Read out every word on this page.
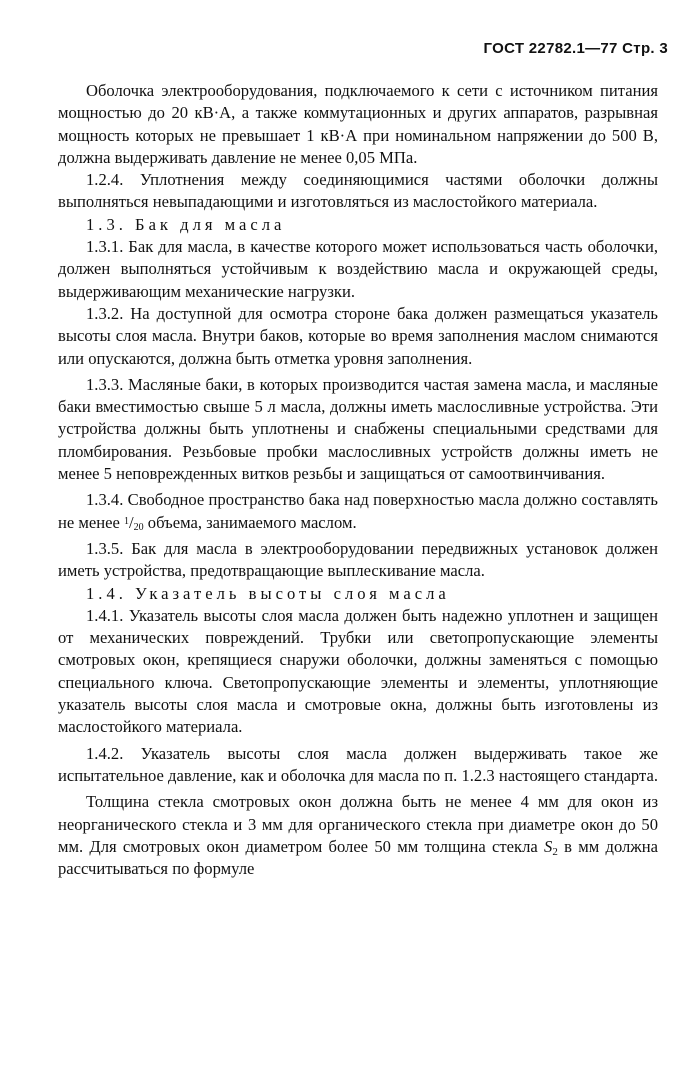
ГОСТ 22782.1—77 Стр. 3

Оболочка электрооборудования, подключаемого к сети с источником питания мощностью до 20 кВ·А, а также коммутационных и других аппаратов, разрывная мощность которых не превышает 1 кВ·А при номинальном напряжении до 500 В, должна выдерживать давление не менее 0,05 МПа.

1.2.4. Уплотнения между соединяющимися частями оболочки должны выполняться невыпадающими и изготовляться из маслостойкого материала.

1.3. Бак для масла

1.3.1. Бак для масла, в качестве которого может использоваться часть оболочки, должен выполняться устойчивым к воздействию масла и окружающей среды, выдерживающим механические нагрузки.

1.3.2. На доступной для осмотра стороне бака должен размещаться указатель высоты слоя масла. Внутри баков, которые во время заполнения маслом снимаются или опускаются, должна быть отметка уровня заполнения.

1.3.3. Масляные баки, в которых производится частая замена масла, и масляные баки вместимостью свыше 5 л масла, должны иметь маслосливные устройства. Эти устройства должны быть уплотнены и снабжены специальными средствами для пломбирования. Резьбовые пробки маслосливных устройств должны иметь не менее 5 неповрежденных витков резьбы и защищаться от самоотвинчивания.

1.3.4. Свободное пространство бака над поверхностью масла должно составлять не менее $^1/_{20}$ объема, занимаемого маслом.

1.3.5. Бак для масла в электрооборудовании передвижных установок должен иметь устройства, предотвращающие выплескивание масла.

1.4. Указатель высоты слоя масла

1.4.1. Указатель высоты слоя масла должен быть надежно уплотнен и защищен от механических повреждений. Трубки или светопропускающие элементы смотровых окон, крепящиеся снаружи оболочки, должны заменяться с помощью специального ключа. Светопропускающие элементы и элементы, уплотняющие указатель высоты слоя масла и смотровые окна, должны быть изготовлены из маслостойкого материала.

1.4.2. Указатель высоты слоя масла должен выдерживать такое же испытательное давление, как и оболочка для масла по п. 1.2.3 настоящего стандарта.

Толщина стекла смотровых окон должна быть не менее 4 мм для окон из неорганического стекла и 3 мм для органического стекла при диаметре окон до 50 мм. Для смотровых окон диаметром более 50 мм толщина стекла $S_2$ в мм должна рассчитываться по формуле
